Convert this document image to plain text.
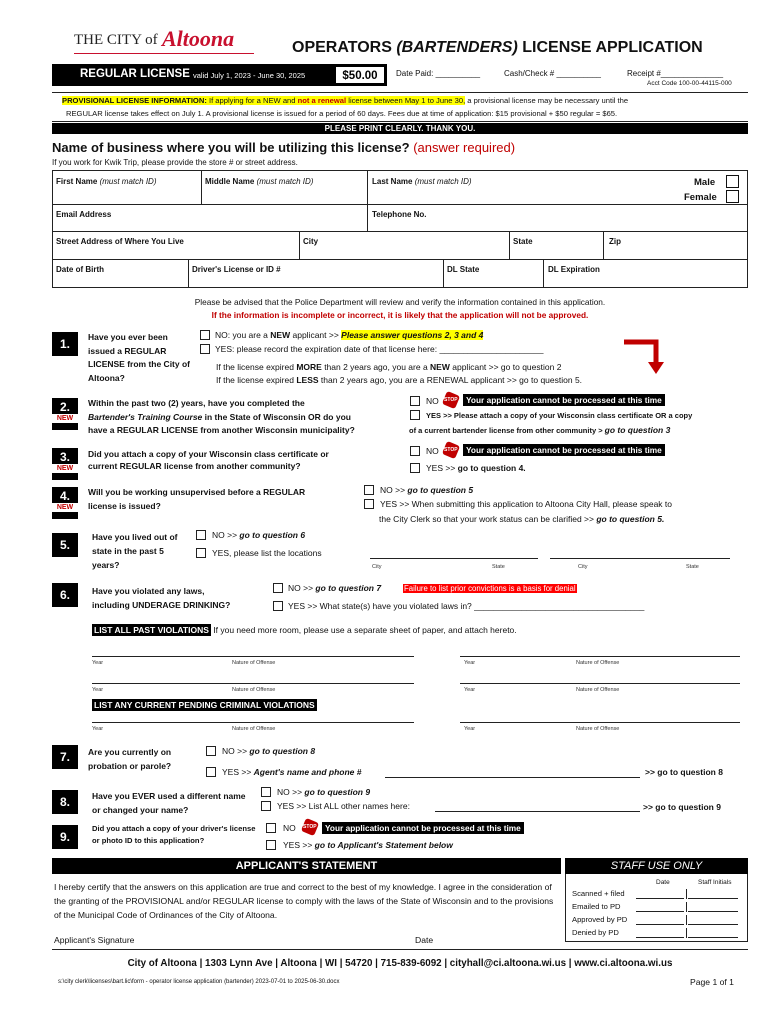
THE CITY of Altoona	OPERATORS (BARTENDERS) LICENSE APPLICATION
REGULAR LICENSE valid July 1, 2023 - June 30, 2025	$50.00	Date Paid: __________	Cash/Check # __________	Receipt #______________
Acct Code 100-00-44115-000
PROVISIONAL LICENSE INFORMATION: If applying for a NEW and not a renewal license between May 1 to June 30, a provisional license may be necessary until the
REGULAR license takes effect on July 1. A provisional license is issued for a period of 60 days. Fees due at time of application: $15 provisional + $50 regular = $65.
PLEASE PRINT CLEARLY. THANK YOU.
Name of business where you will be utilizing this license? (answer required)
If you work for Kwik Trip, please provide the store # or street address.
First Name (must match ID)	Middle Name (must match ID)	Last Name (must match ID)	Male
Female
Email Address	Telephone No.
Street Address of Where You Live	City	State	Zip
Date of Birth	Driver's License or ID #	DL State	DL Expiration
Please be advised that the Police Department will review and verify the information contained in this application.
If the information is incomplete or incorrect, it is likely that the application will not be approved.
1.	Have you ever been issued a REGULAR LICENSE from the City of Altoona?
NO: you are a NEW applicant >> Please answer questions 2, 3 and 4
YES: please record the expiration date of that license here: ______________________
If the license expired MORE than 2 years ago, you are a NEW applicant >> go to question 2
If the license expired LESS than 2 years ago, you are a RENEWAL applicant >> go to question 5.
2.
NEW
Within the past two (2) years, have you completed the
Bartender's Training Course in the State of Wisconsin OR do you
have a REGULAR LICENSE from another Wisconsin municipality?
NO	STOP Your application cannot be processed at this time
YES >> Please attach a copy of your Wisconsin class certificate OR a copy
of a current bartender license from other community > go to question 3
3.
NEW
Did you attach a copy of your Wisconsin class certificate or
current REGULAR license from another community?
NO	STOP Your application cannot be processed at this time
YES >> go to question 4.
4.
NEW
Will you be working unsupervised before a REGULAR
license is issued?
NO >> go to question 5
YES >> When submitting this application to Altoona City Hall, please speak to
the City Clerk so that your work status can be clarified >> go to question 5.
5.
Have you lived out of state in the past 5 years?
NO >> go to question 6
YES, please list the locations
City	State	City	State
6.	Have you violated any laws,
including UNDERAGE DRINKING?
NO >> go to question 7	Failure to list prior convictions is a basis for denial
YES >> What state(s) have you violated laws in? ____________________________________
LIST ALL PAST VIOLATIONS If you need more room, please use a separate sheet of paper, and attach hereto.
Year	Nature of Offense	Year	Nature of Offense
Year	Nature of Offense	Year	Nature of Offense
LIST ANY CURRENT PENDING CRIMINAL VIOLATIONS
Year	Nature of Offense	Year	Nature of Offense
7.	Are you currently on probation or parole?
NO >> go to question 8
YES >> Agent's name and phone #	>> go to question 8
8.	Have you EVER used a different name or changed your name?
NO >> go to question 9
YES >> List ALL other names here:	>> go to question 9
9.
Did you attach a copy of your driver's license or photo ID to this application?
NO	STOP Your application cannot be processed at this time
YES >> go to Applicant's Statement below
APPLICANT'S STATEMENT
I hereby certify that the answers on this application are true and correct to the best of my knowledge. I agree in the consideration of the granting of the PROVISIONAL and/or REGULAR license to comply with the laws of the State of Wisconsin and to the provisions of the Municipal Code of Ordinances of the City of Altoona.
Applicant's Signature	Date
STAFF USE ONLY
Date	Staff Initials
Scanned + filed
Emailed to PD
Approved by PD
Denied by PD
City of Altoona | 1303 Lynn Ave | Altoona | WI | 54720 | 715-839-6092 | cityhall@ci.altoona.wi.us | www.ci.altoona.wi.us
s:\city clerk\licenses\bart.lic\form - operator license application (bartender) 2023-07-01 to 2025-06-30.docx	Page 1 of 1
